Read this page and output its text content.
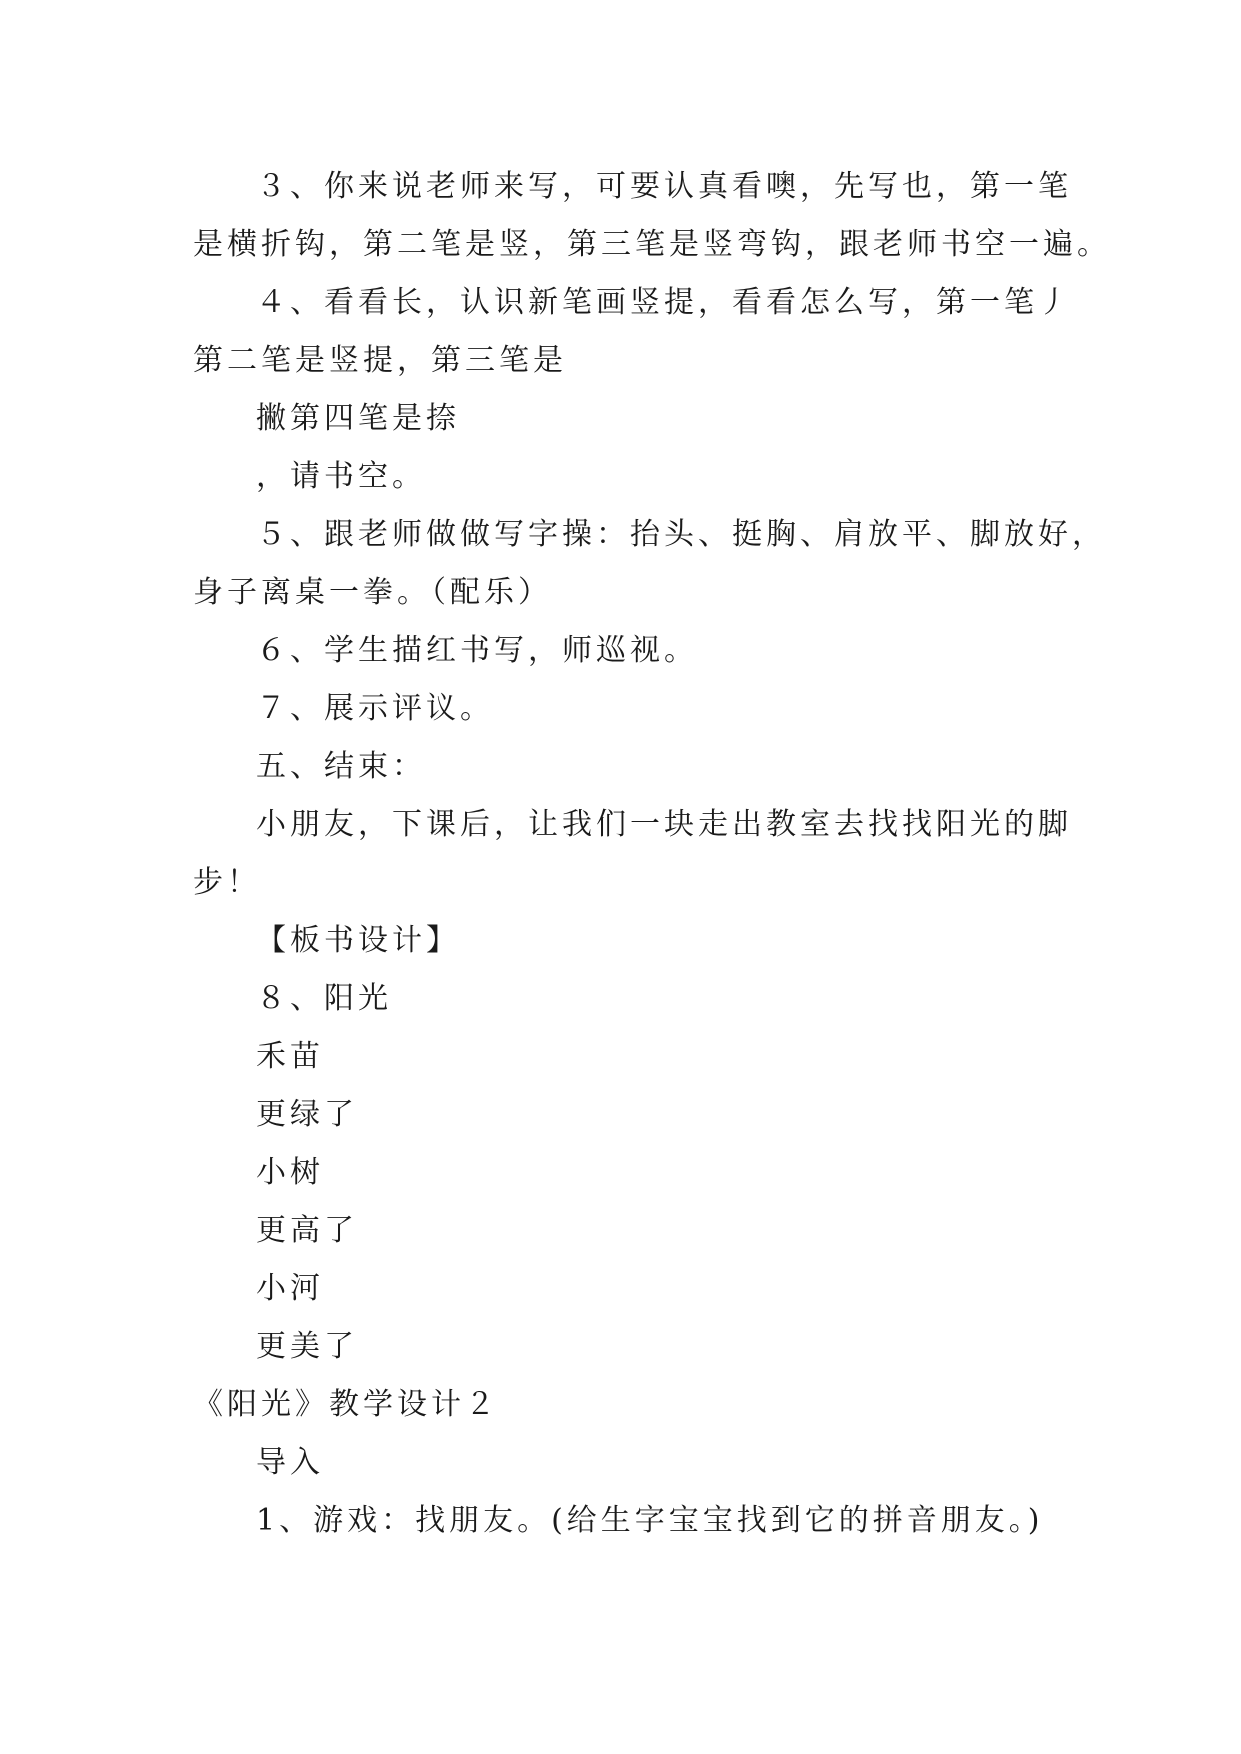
３、你来说老师来写，可要认真看噢，先写也，第一笔
是横折钩，第二笔是竖，第三笔是竖弯钩，跟老师书空一遍。
４、看看长，认识新笔画竖提，看看怎么写，第一笔丿
第二笔是竖提，第三笔是
撇第四笔是捺
，请书空。
５、跟老师做做写字操：抬头、挺胸、肩放平、脚放好，
身子离桌一拳。（配乐）
６、学生描红书写，师巡视。
７、展示评议。
五、结束：
小朋友，下课后，让我们一块走出教室去找找阳光的脚
步！
【板书设计】
８、阳光
禾苗
更绿了
小树
更高了
小河
更美了
《阳光》教学设计２
导入
1、游戏：找朋友。(给生字宝宝找到它的拼音朋友。)
